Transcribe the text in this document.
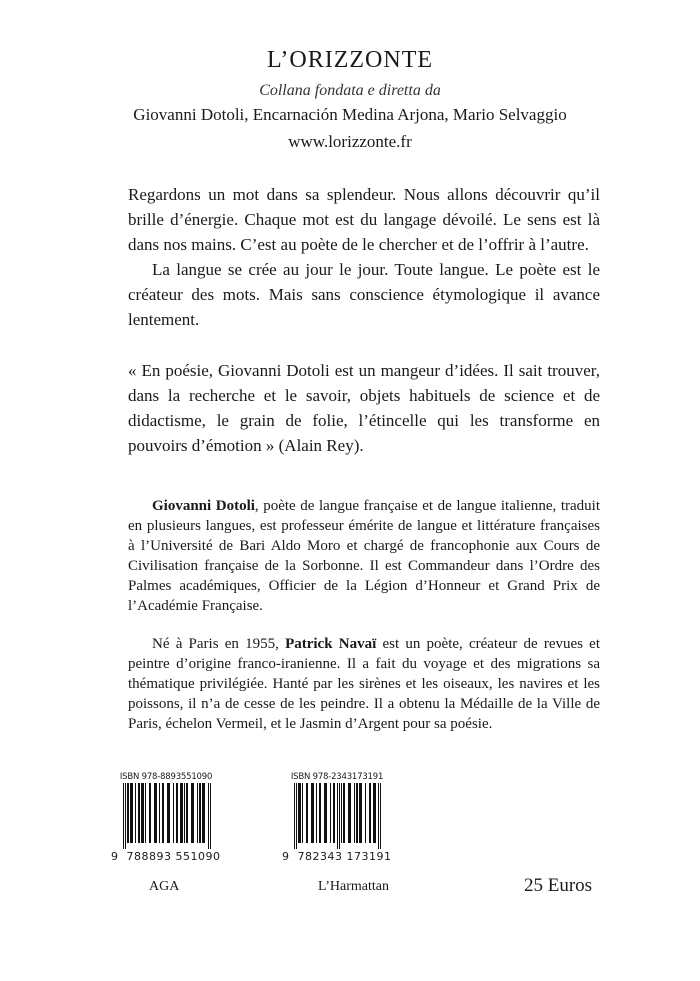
L’ORIZZONTE
Collana fondata e diretta da
Giovanni Dotoli, Encarnación Medina Arjona, Mario Selvaggio
www.lorizzonte.fr

Regardons un mot dans sa splendeur. Nous allons découvrir qu’il brille d’énergie. Chaque mot est du langage dévoilé. Le sens est là dans nos mains. C’est au poète de le chercher et de l’offrir à l’autre.

La langue se crée au jour le jour. Toute langue. Le poète est le créateur des mots. Mais sans conscience étymologique il avance lentement.

« En poésie, Giovanni Dotoli est un mangeur d’idées. Il sait trouver, dans la recherche et le savoir, objets habituels de science et de didactisme, le grain de folie, l’étincelle qui les transforme en pouvoirs d’émotion » (Alain Rey).

Giovanni Dotoli, poète de langue française et de langue italienne, traduit en plusieurs langues, est professeur émérite de langue et littérature françaises à l’Université de Bari Aldo Moro et chargé de francophonie aux Cours de Civilisation française de la Sorbonne. Il est Commandeur dans l’Ordre des Palmes académiques, Officier de la Légion d’Honneur et Grand Prix de l’Académie Française.

Né à Paris en 1955, Patrick Navaï est un poète, créateur de revues et peintre d’origine franco-iranienne. Il a fait du voyage et des migrations sa thématique privilégiée. Hanté par les sirènes et les oiseaux, les navires et les poissons, il n’a de cesse de les peindre. Il a obtenu la Médaille de la Ville de Paris, échelon Vermeil, et le Jasmin d’Argent pour sa poésie.

ISBN 978-8893551090
9 788893 551090
ISBN 978-2343173191
9 782343 173191
AGA	L’Harmattan	25 Euros
